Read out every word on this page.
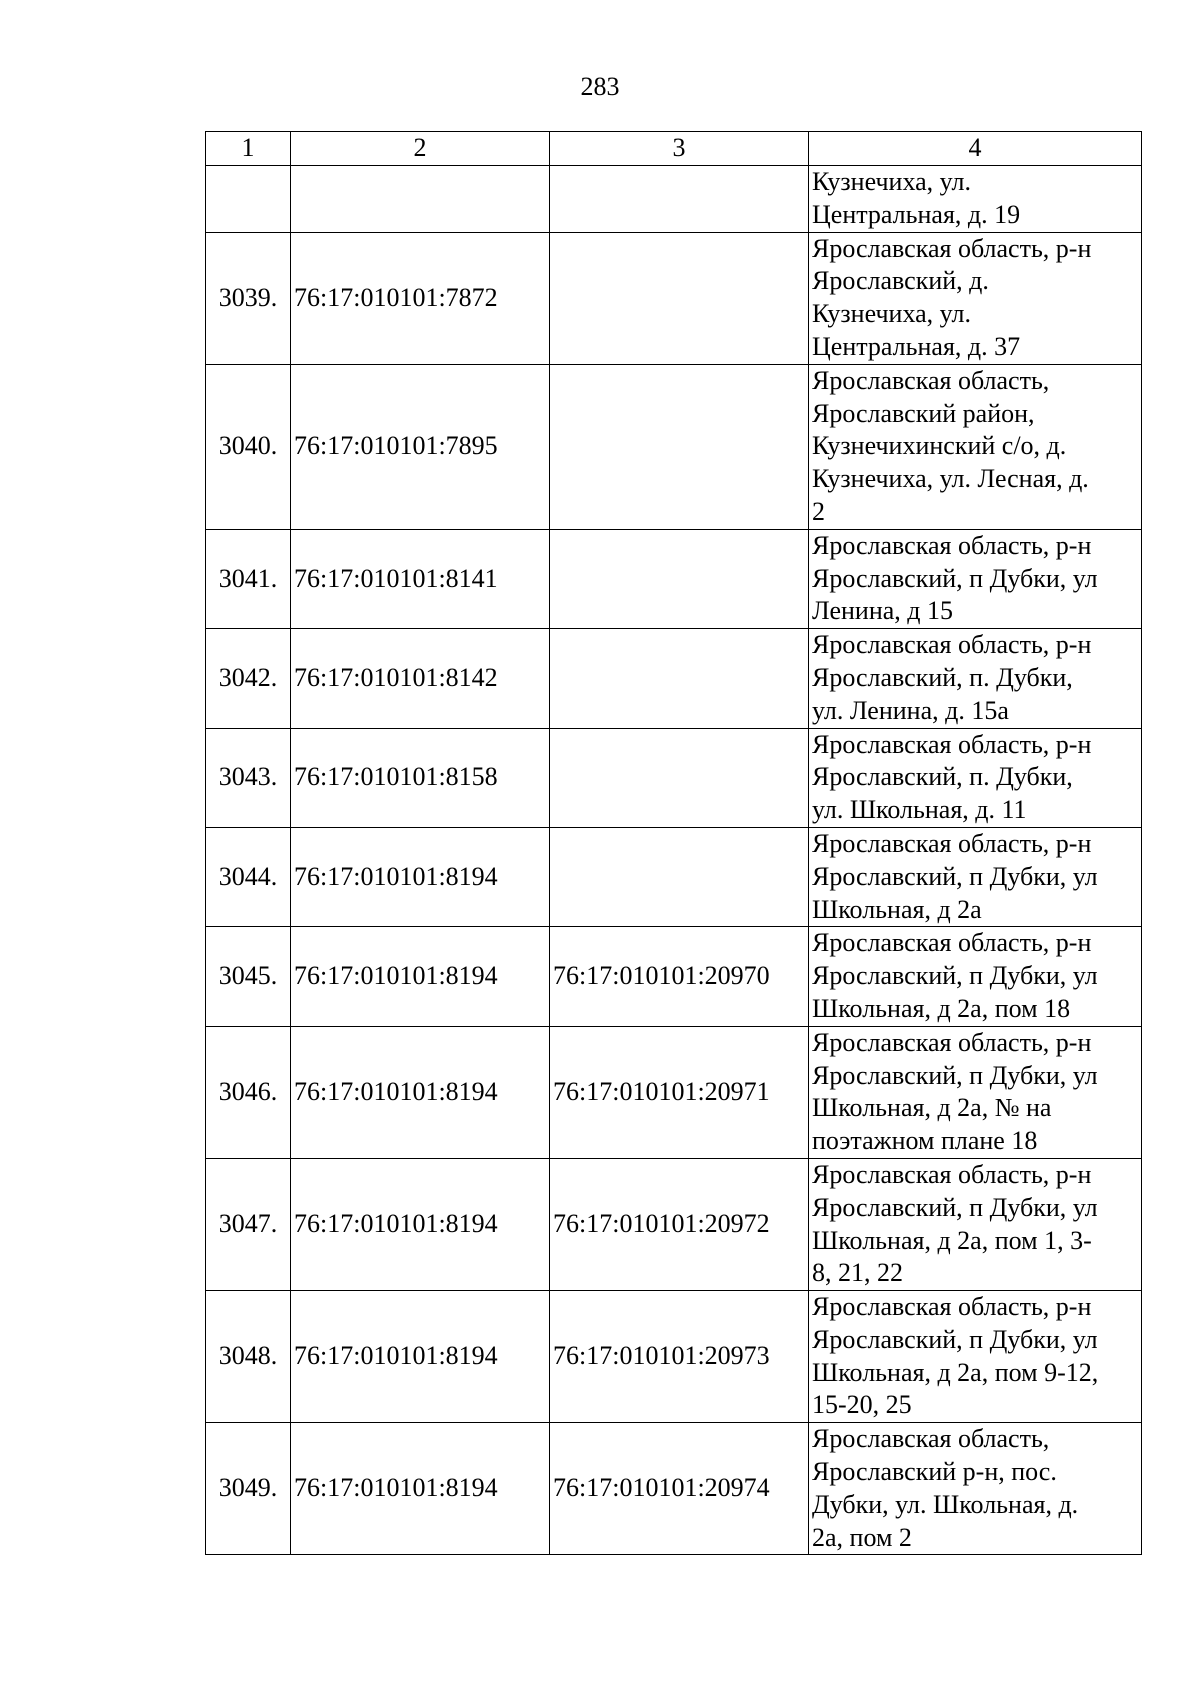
283
1	2	3	4

			Кузнечиха, ул.
Центральная, д. 19

3039.	76:17:010101:7872		Ярославская область, р-н
Ярославский, д.
Кузнечиха, ул.
Центральная, д. 37

3040.	76:17:010101:7895		Ярославская область,
Ярославский район,
Кузнечихинский с/о, д.
Кузнечиха, ул. Лесная, д.
2

3041.	76:17:010101:8141		Ярославская область, р-н
Ярославский, п Дубки, ул
Ленина, д 15

3042.	76:17:010101:8142		Ярославская область, р-н
Ярославский, п. Дубки,
ул. Ленина, д. 15а

3043.	76:17:010101:8158		Ярославская область, р-н
Ярославский, п. Дубки,
ул. Школьная, д. 11

3044.	76:17:010101:8194		Ярославская область, р-н
Ярославский, п Дубки, ул
Школьная, д 2а

3045.	76:17:010101:8194	76:17:010101:20970	Ярославская область, р-н
Ярославский, п Дубки, ул
Школьная, д 2а, пом 18

3046.	76:17:010101:8194	76:17:010101:20971	Ярославская область, р-н
Ярославский, п Дубки, ул
Школьная, д 2а, № на
поэтажном плане 18

3047.	76:17:010101:8194	76:17:010101:20972	Ярославская область, р-н
Ярославский, п Дубки, ул
Школьная, д 2а, пом 1, 3-
8, 21, 22

3048.	76:17:010101:8194	76:17:010101:20973	Ярославская область, р-н
Ярославский, п Дубки, ул
Школьная, д 2а, пом 9-12,
15-20, 25

3049.	76:17:010101:8194	76:17:010101:20974	Ярославская область,
Ярославский р-н, пос.
Дубки, ул. Школьная, д.
2а, пом 2
